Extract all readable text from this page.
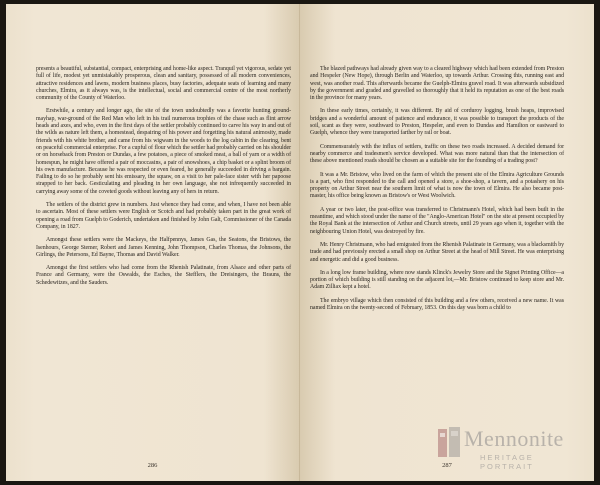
presents a beautiful, substantial, compact, enterprising and home-like aspect. Tranquil yet vigorous, sedate yet full of life, modest yet unmistakably prosperous, clean and sanitary, possessed of all modern conveniences, attractive residences and lawns, modern business places, busy factories, adequate seats of learning and many churches, Elmira, as it always was, is the intellectual, social and commercial centre of the most northerly community of the County of Waterloo.

Erstwhile, a century and longer ago, the site of the town undoubtedly was a favorite hunting ground-mayhap, war-ground of the Red Man who left in his trail numerous trophies of the chase such as flint arrow heads and axes, and who, even in the first days of the settler probably continued to carve his way in and out of the wilds as nature left them, a homestead, despairing of his power and forgetting his natural animosity, made friends with his white brother, and came from his wigwam in the woods to the log cabin in the clearing, bent on peaceful commercial enterprise. For a cupful of flour which the settler had probably carried on his shoulder or on horseback from Preston or Dundas, a few potatoes, a piece of smoked meat, a ball of yarn or a width of homespun, he might have offered a pair of moccasins, a pair of snowshoes, a chip basket or a splint broom of his own manufacture. Because he was respected or even feared, he generally succeeded in driving a bargain. Failing to do so he probably sent his emissary, the squaw, on a visit to her pale-face sister with her papoose strapped to her back. Gesticulating and pleading in her own language, she not infrequently succeeded in carrying away some of the coveted goods without leaving any of hers in return.

The settlers of the district grew in numbers. Just whence they had come, and when, I have not been able to ascertain. Most of these settlers were English or Scotch and had probably taken part in the great work of opening a road from Guelph to Goderich, undertaken and finished by John Galt, Commissioner of the Canada Company, in 1827.

Amongst these settlers were the Mackeys, the Halfpennys, James Gas, the Seatons, the Bristows, the Isenhours, George Stemer, Robert and James Kenning, John Thompson, Charles Thomas, the Johnsons, the Girlings, the Petersons, Ed Bayne, Thomas and David Walker.

Amongst the first settlers who had come from the Rhenish Palatinate, from Alsace and other parts of France and Germany, were the Oswalds, the Esches, the Stefflers, the Dreisingers, the Brauns, the Schedewitzes, and the Sauders.

286

The blazed pathways had already given way to a cleared highway which had been extended from Preston and Hespeler (New Hope), through Berlin and Waterloo, up towards Arthur. Crossing this, running east and west, was another road. This afterwards became the Guelph-Elmira gravel road. It was afterwards subsidized by the government and graded and gravelled so thoroughly that it held its reputation as one of the best roads in the province for many years.

In these early times, certainly, it was different. By aid of corduroy logging, brush heaps, improvised bridges and a wonderful amount of patience and endurance, it was possible to transport the products of the soil, scant as they were, southward to Preston, Hespeler, and even to Dundas and Hamilton or eastward to Guelph, whence they were transported farther by rail or boat.

Commensurately with the influx of settlers, traffic on these two roads increased. A decided demand for nearby commerce and tradesmen's service developed. What was more natural than that the intersection of these above mentioned roads should be chosen as a suitable site for the founding of a trading post?

It was a Mr. Bristow, who lived on the farm of which the present site of the Elmira Agriculture Grounds is a part, who first responded to the call and opened a store, a shoe-shop, a tavern, and a potashery on his property on Arthur Street near the southern limit of what is now the town of Elmira. He also became post-master, his office being known as Bristow's or West Woolwich.

A year or two later, the post-office was transferred to Christmann's Hotel, which had been built in the meantime, and which stood under the name of the "Anglo-American Hotel" on the site at present occupied by the Royal Bank at the intersection of Arthur and Church streets, until 29 years ago when it, together with the neighbouring Union Hotel, was destroyed by fire.

Mr. Henry Christmann, who had emigrated from the Rhenish Palatinate in Germany, was a blacksmith by trade and had previously erected a small shop on Arthur Street at the head of Mill Street. He was enterprising and energetic and did a good business.

In a long low frame building, where now stands Klinck's Jewelry Store and the Signet Printing Office—a portion of which building is still standing on the adjacent lot,—Mr. Bristow continued to keep store and Mr. Adam Zilliax kept a hotel.

The embryo village which then consisted of this building and a few others, received a new name. It was named Elmira on the twenty-second of February, 1853. On this day was born a child to

287
Mennonite
HERITAGE PORTRAIT
